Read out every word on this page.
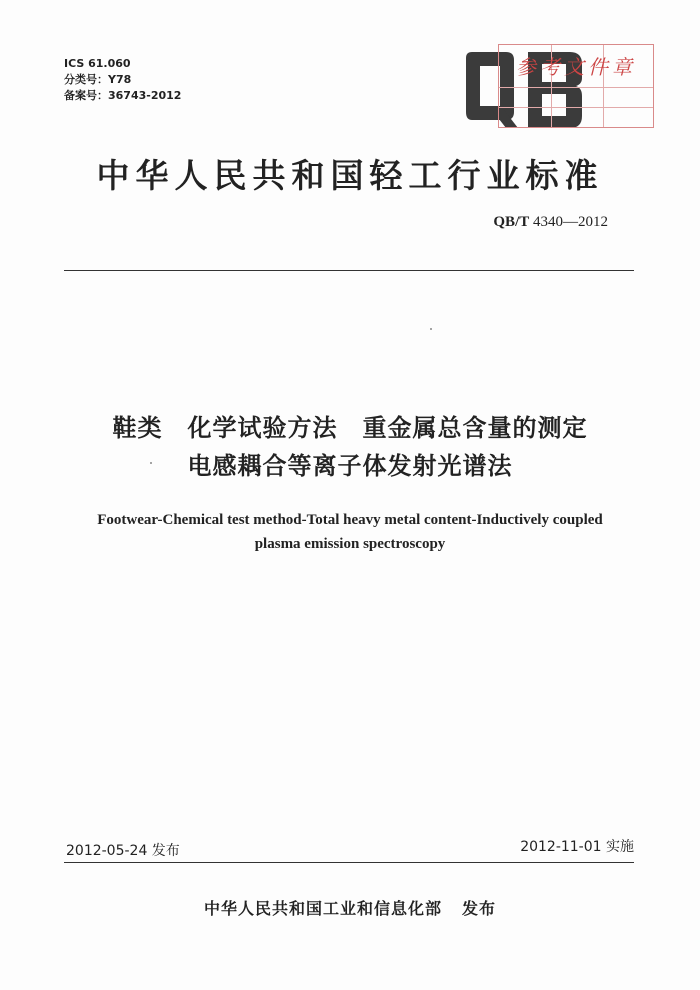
ICS 61.060
分类号：Y78
备案号：36743-2012
参考文件章
中华人民共和国轻工行业标准
QB/T 4340—2012
鞋类　化学试验方法　重金属总含量的测定
电感耦合等离子体发射光谱法
Footwear-Chemical test method-Total heavy metal content-Inductively coupled
plasma emission spectroscopy
2012-05-24 发布	2012-11-01 实施
中华人民共和国工业和信息化部 发布
